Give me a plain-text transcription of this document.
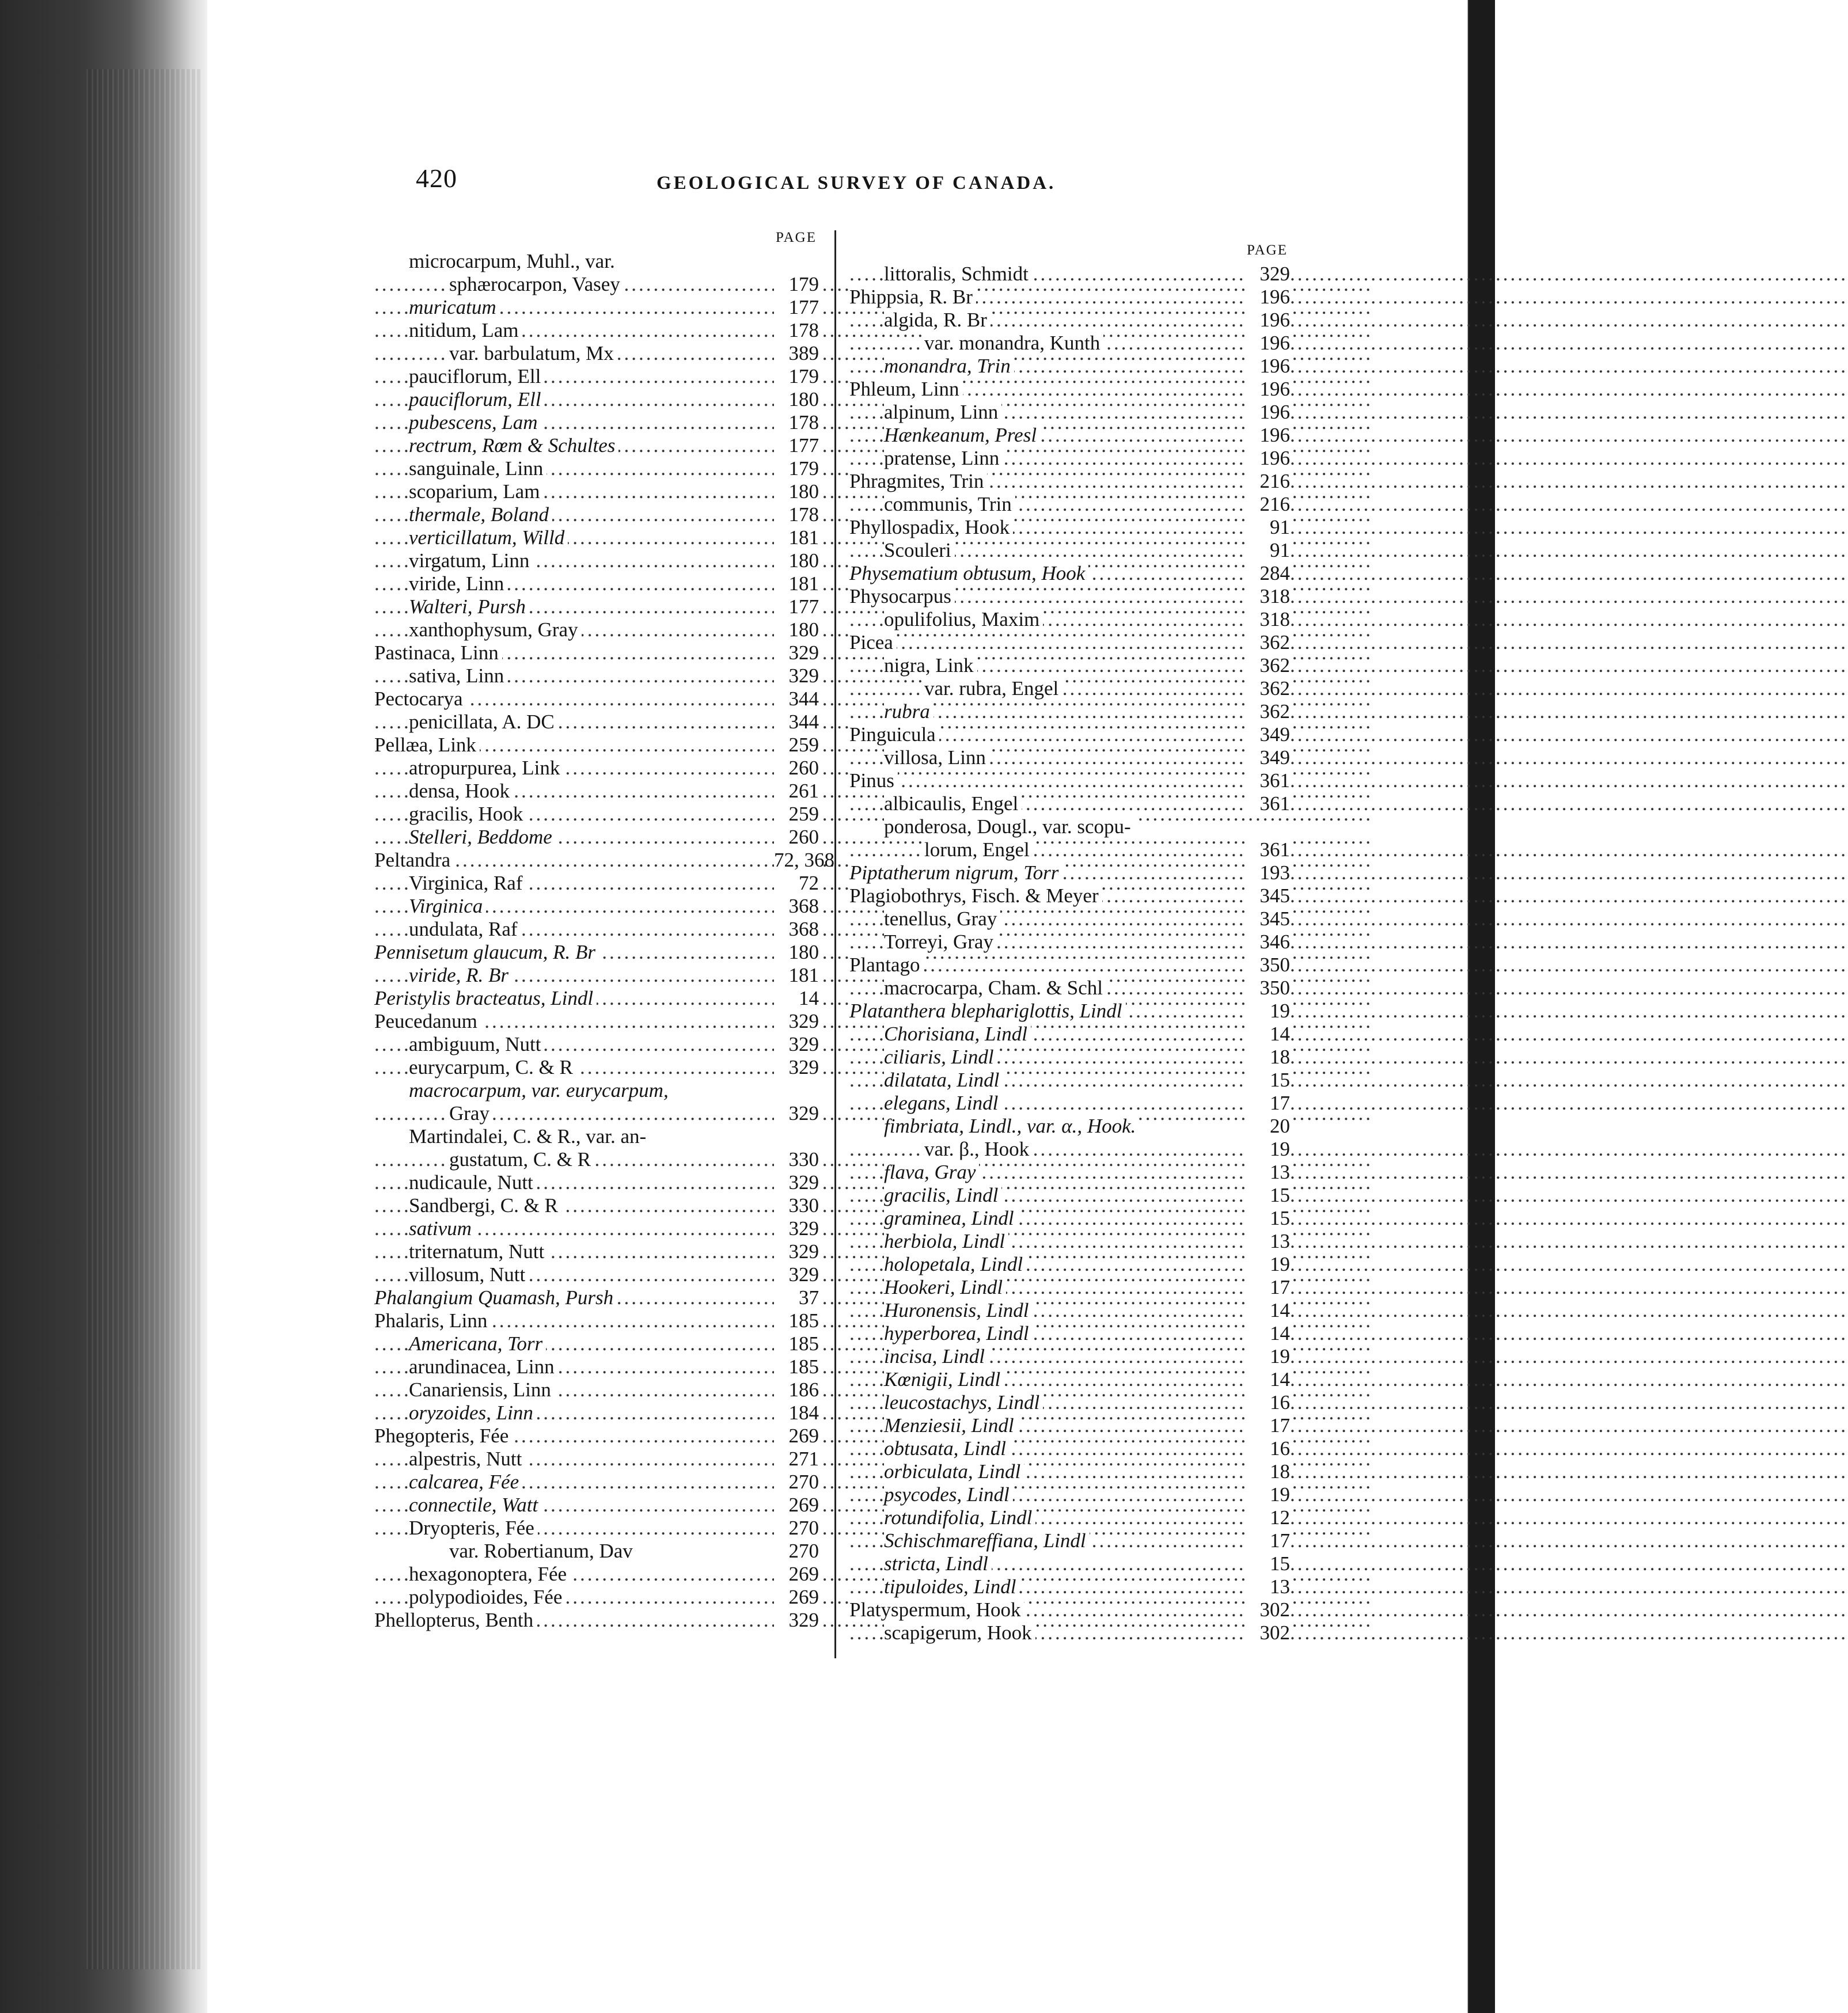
420	GEOLOGICAL SURVEY OF CANADA.
PAGE
microcarpum, Muhl., var.
.....
sphærocarpon, Vasey	179
.....
muricatum	177
.....
nitidum, Lam	178
.....
var. barbulatum, Mx	389
.....
pauciflorum, Ell	179
.....
pauciflorum, Ell	180
.....
pubescens, Lam	178
.....
rectrum, Rœm & Schultes	177
.....
sanguinale, Linn	179
.....
scoparium, Lam	180
.....
thermale, Boland	178
.....
verticillatum, Willd	181
.....
virgatum, Linn	180
.....
viride, Linn	181
.....
Walteri, Pursh	177
.....
xanthophysum, Gray	180
.....
Pastinaca, Linn	329
.....
sativa, Linn	329
.....
Pectocarya	344
.....
penicillata, A. DC	344
.....
Pellæa, Link	259
.....
atropurpurea, Link	260
.....
densa, Hook	261
.....
gracilis, Hook	259
.....
Stelleri, Beddome	260
.....
Peltandra	72, 368
.....
Virginica, Raf	72
.....
Virginica	368
.....
undulata, Raf	368
.....
Pennisetum glaucum, R. Br	180
.....
viride, R. Br	181
.....
Peristylis bracteatus, Lindl	14
.....
Peucedanum	329
.....
ambiguum, Nutt	329
.....
eurycarpum, C. & R	329
macrocarpum, var. eurycarpum,
.....
Gray	329
Martindalei, C. & R., var. an-
.....
gustatum, C. & R	330
.....
nudicaule, Nutt	329
.....
Sandbergi, C. & R	330
.....
sativum	329
.....
triternatum, Nutt	329
.....
villosum, Nutt	329
.....
Phalangium Quamash, Pursh	37
.....
Phalaris, Linn	185
.....
Americana, Torr	185
.....
arundinacea, Linn	185
.....
Canariensis, Linn	186
.....
oryzoides, Linn	184
.....
Phegopteris, Fée	269
.....
alpestris, Nutt	271
.....
calcarea, Fée	270
.....
connectile, Watt	269
.....
Dryopteris, Fée	270
var. Robertianum, Dav	270
.....
hexagonoptera, Fée	269
.....
polypodioides, Fée	269
.....
Phellopterus, Benth	329
PAGE
.....
littoralis, Schmidt	329
.....
Phippsia, R. Br	196
.....
algida, R. Br	196
.....
var. monandra, Kunth	196
.....
monandra, Trin	196
.....
Phleum, Linn	196
.....
alpinum, Linn	196
.....
Hænkeanum, Presl	196
.....
pratense, Linn	196
.....
Phragmites, Trin	216
.....
communis, Trin	216
.....
Phyllospadix, Hook	91
.....
Scouleri	91
.....
Physematium obtusum, Hook	284
.....
Physocarpus	318
.....
opulifolius, Maxim	318
.....
Picea	362
.....
nigra, Link	362
.....
var. rubra, Engel	362
.....
rubra	362
.....
Pinguicula	349
.....
villosa, Linn	349
.....
Pinus	361
.....
albicaulis, Engel	361
ponderosa, Dougl., var. scopu-
.....
lorum, Engel	361
.....
Piptatherum nigrum, Torr	193
.....
Plagiobothrys, Fisch. & Meyer	345
.....
tenellus, Gray	345
.....
Torreyi, Gray	346
.....
Plantago	350
.....
macrocarpa, Cham. & Schl	350
.....
Platanthera blephariglottis, Lindl	19
.....
Chorisiana, Lindl	14
.....
ciliaris, Lindl	18
.....
dilatata, Lindl	15
.....
elegans, Lindl	17
fimbriata, Lindl., var. α., Hook.	20
.....
var. β., Hook	19
.....
flava, Gray	13
.....
gracilis, Lindl	15
.....
graminea, Lindl	15
.....
herbiola, Lindl	13
.....
holopetala, Lindl	19
.....
Hookeri, Lindl	17
.....
Huronensis, Lindl	14
.....
hyperborea, Lindl	14
.....
incisa, Lindl	19
.....
Kœnigii, Lindl	14
.....
leucostachys, Lindl	16
.....
Menziesii, Lindl	17
.....
obtusata, Lindl	16
.....
orbiculata, Lindl	18
.....
psycodes, Lindl	19
.....
rotundifolia, Lindl	12
.....
Schischmareffiana, Lindl	17
.....
stricta, Lindl	15
.....
tipuloides, Lindl	13
.....
Platyspermum, Hook	302
.....
scapigerum, Hook	302
